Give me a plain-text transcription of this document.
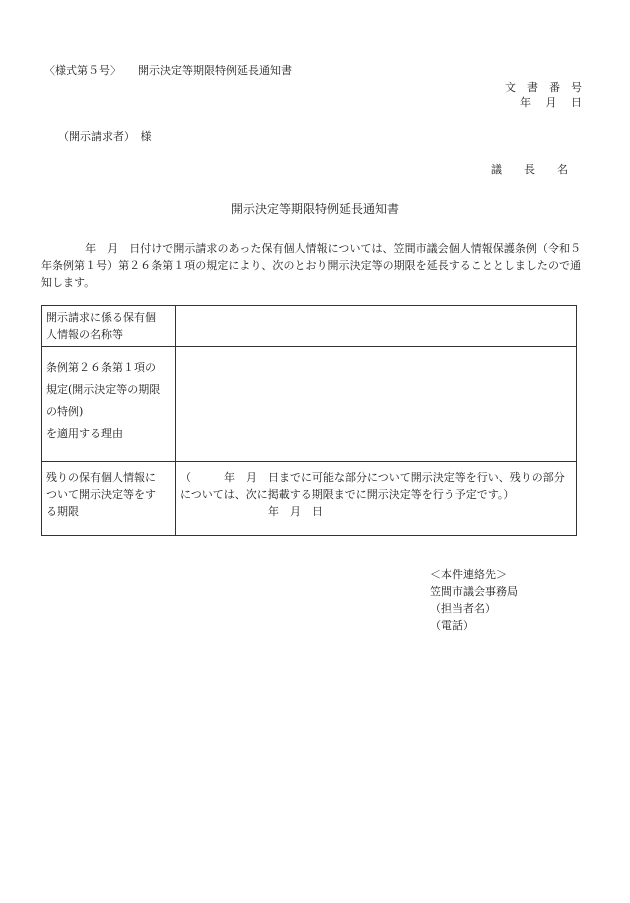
〈様式第５号〉 開示決定等期限特例延長通知書
文　書　番　号
年　 月　 日
（開示請求者）　様
議　　長　　名
開示決定等期限特例延長通知書
　　　　年　月　日付けで開示請求のあった保有個人情報については、笠間市議会個人情報保護条例（令和５年条例第１号）第２６条第１項の規定により、次のとおり開示決定等の期限を延長することとしましたので通知します。
開示請求に係る保有個
人情報の名称等	

条例第２６条第１項の
規定(開示決定等の期限
の特例)
を適用する理由	

残りの保有個人情報に
ついて開示決定等をす
る期限	（　　　年　月　日までに可能な部分について開示決定等を行い、残りの部分
については、次に掲載する期限までに開示決定等を行う予定です。）
　　　　　　　　年　月　日
＜本件連絡先＞
笠間市議会事務局
（担当者名）
（電話）
